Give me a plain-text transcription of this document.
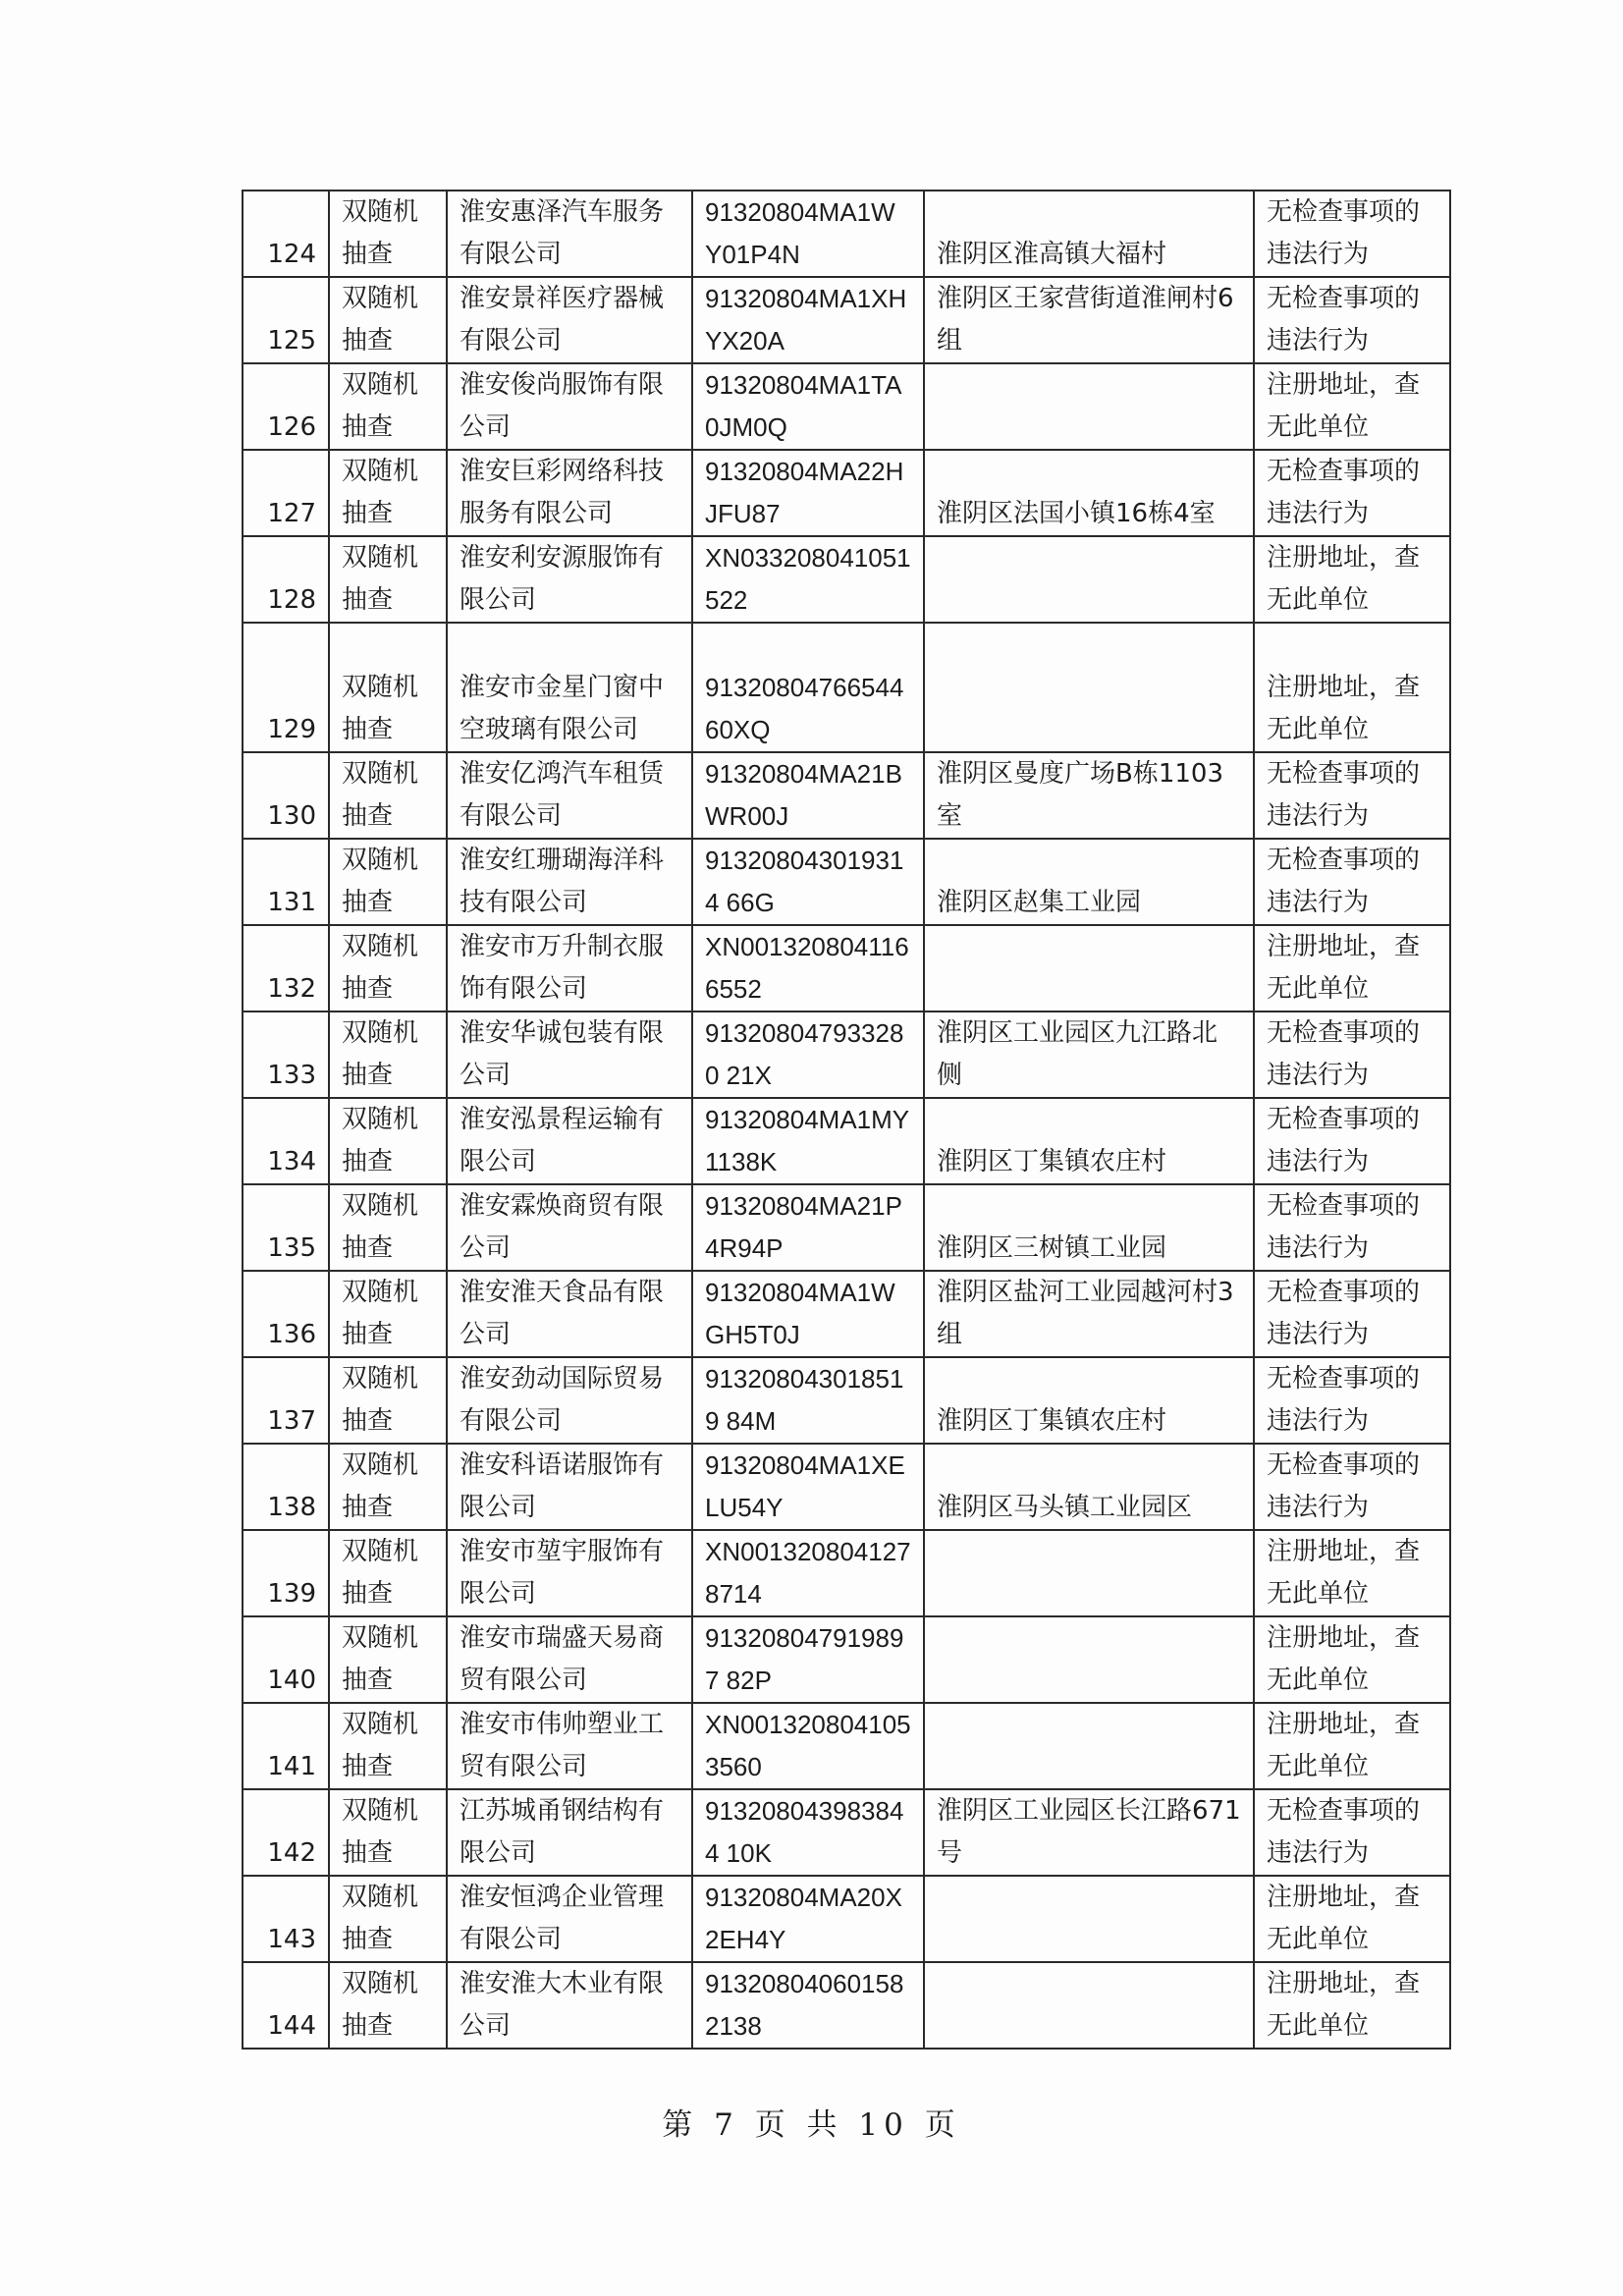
124	双随机抽查	淮安惠泽汽车服务有限公司	91320804MA1WY01P4N	淮阴区淮高镇大福村	无检查事项的违法行为

125	双随机抽查	淮安景祥医疗器械有限公司	91320804MA1XHYX20A	淮阴区王家营街道淮闸村6组	无检查事项的违法行为

126	双随机抽查	淮安俊尚服饰有限公司	91320804MA1TA0JM0Q		注册地址，查无此单位

127	双随机抽查	淮安巨彩网络科技服务有限公司	91320804MA22HJFU87	淮阴区法国小镇16栋4室	无检查事项的违法行为

128	双随机抽查	淮安利安源服饰有限公司	XN033208041051522		注册地址，查无此单位

129	双随机抽查	淮安市金星门窗中空玻璃有限公司	9132080476654460XQ		注册地址，查无此单位

130	双随机抽查	淮安亿鸿汽车租赁有限公司	91320804MA21BWR00J	淮阴区曼度广场B栋1103室	无检查事项的违法行为

131	双随机抽查	淮安红珊瑚海洋科技有限公司	913208043019314 66G	淮阴区赵集工业园	无检查事项的违法行为

132	双随机抽查	淮安市万升制衣服饰有限公司	XN0013208041166552		注册地址，查无此单位

133	双随机抽查	淮安华诚包装有限公司	913208047933280 21X	淮阴区工业园区九江路北侧	无检查事项的违法行为

134	双随机抽查	淮安泓景程运输有限公司	91320804MA1MY1138K	淮阴区丁集镇农庄村	无检查事项的违法行为

135	双随机抽查	淮安霖焕商贸有限公司	91320804MA21P4R94P	淮阴区三树镇工业园	无检查事项的违法行为

136	双随机抽查	淮安淮天食品有限公司	91320804MA1WGH5T0J	淮阴区盐河工业园越河村3组	无检查事项的违法行为

137	双随机抽查	淮安劲动国际贸易有限公司	913208043018519 84M	淮阴区丁集镇农庄村	无检查事项的违法行为

138	双随机抽查	淮安科语诺服饰有限公司	91320804MA1XELU54Y	淮阴区马头镇工业园区	无检查事项的违法行为

139	双随机抽查	淮安市堃宇服饰有限公司	XN0013208041278714		注册地址，查无此单位

140	双随机抽查	淮安市瑞盛天易商贸有限公司	913208047919897 82P		注册地址，查无此单位

141	双随机抽查	淮安市伟帅塑业工贸有限公司	XN0013208041053560		注册地址，查无此单位

142	双随机抽查	江苏城甬钢结构有限公司	913208043983844 10K	淮阴区工业园区长江路671号	无检查事项的违法行为

143	双随机抽查	淮安恒鸿企业管理有限公司	91320804MA20X2EH4Y		注册地址，查无此单位

144	双随机抽查	淮安淮大木业有限公司	913208040601582138		注册地址，查无此单位
第 7 页 共 10 页
